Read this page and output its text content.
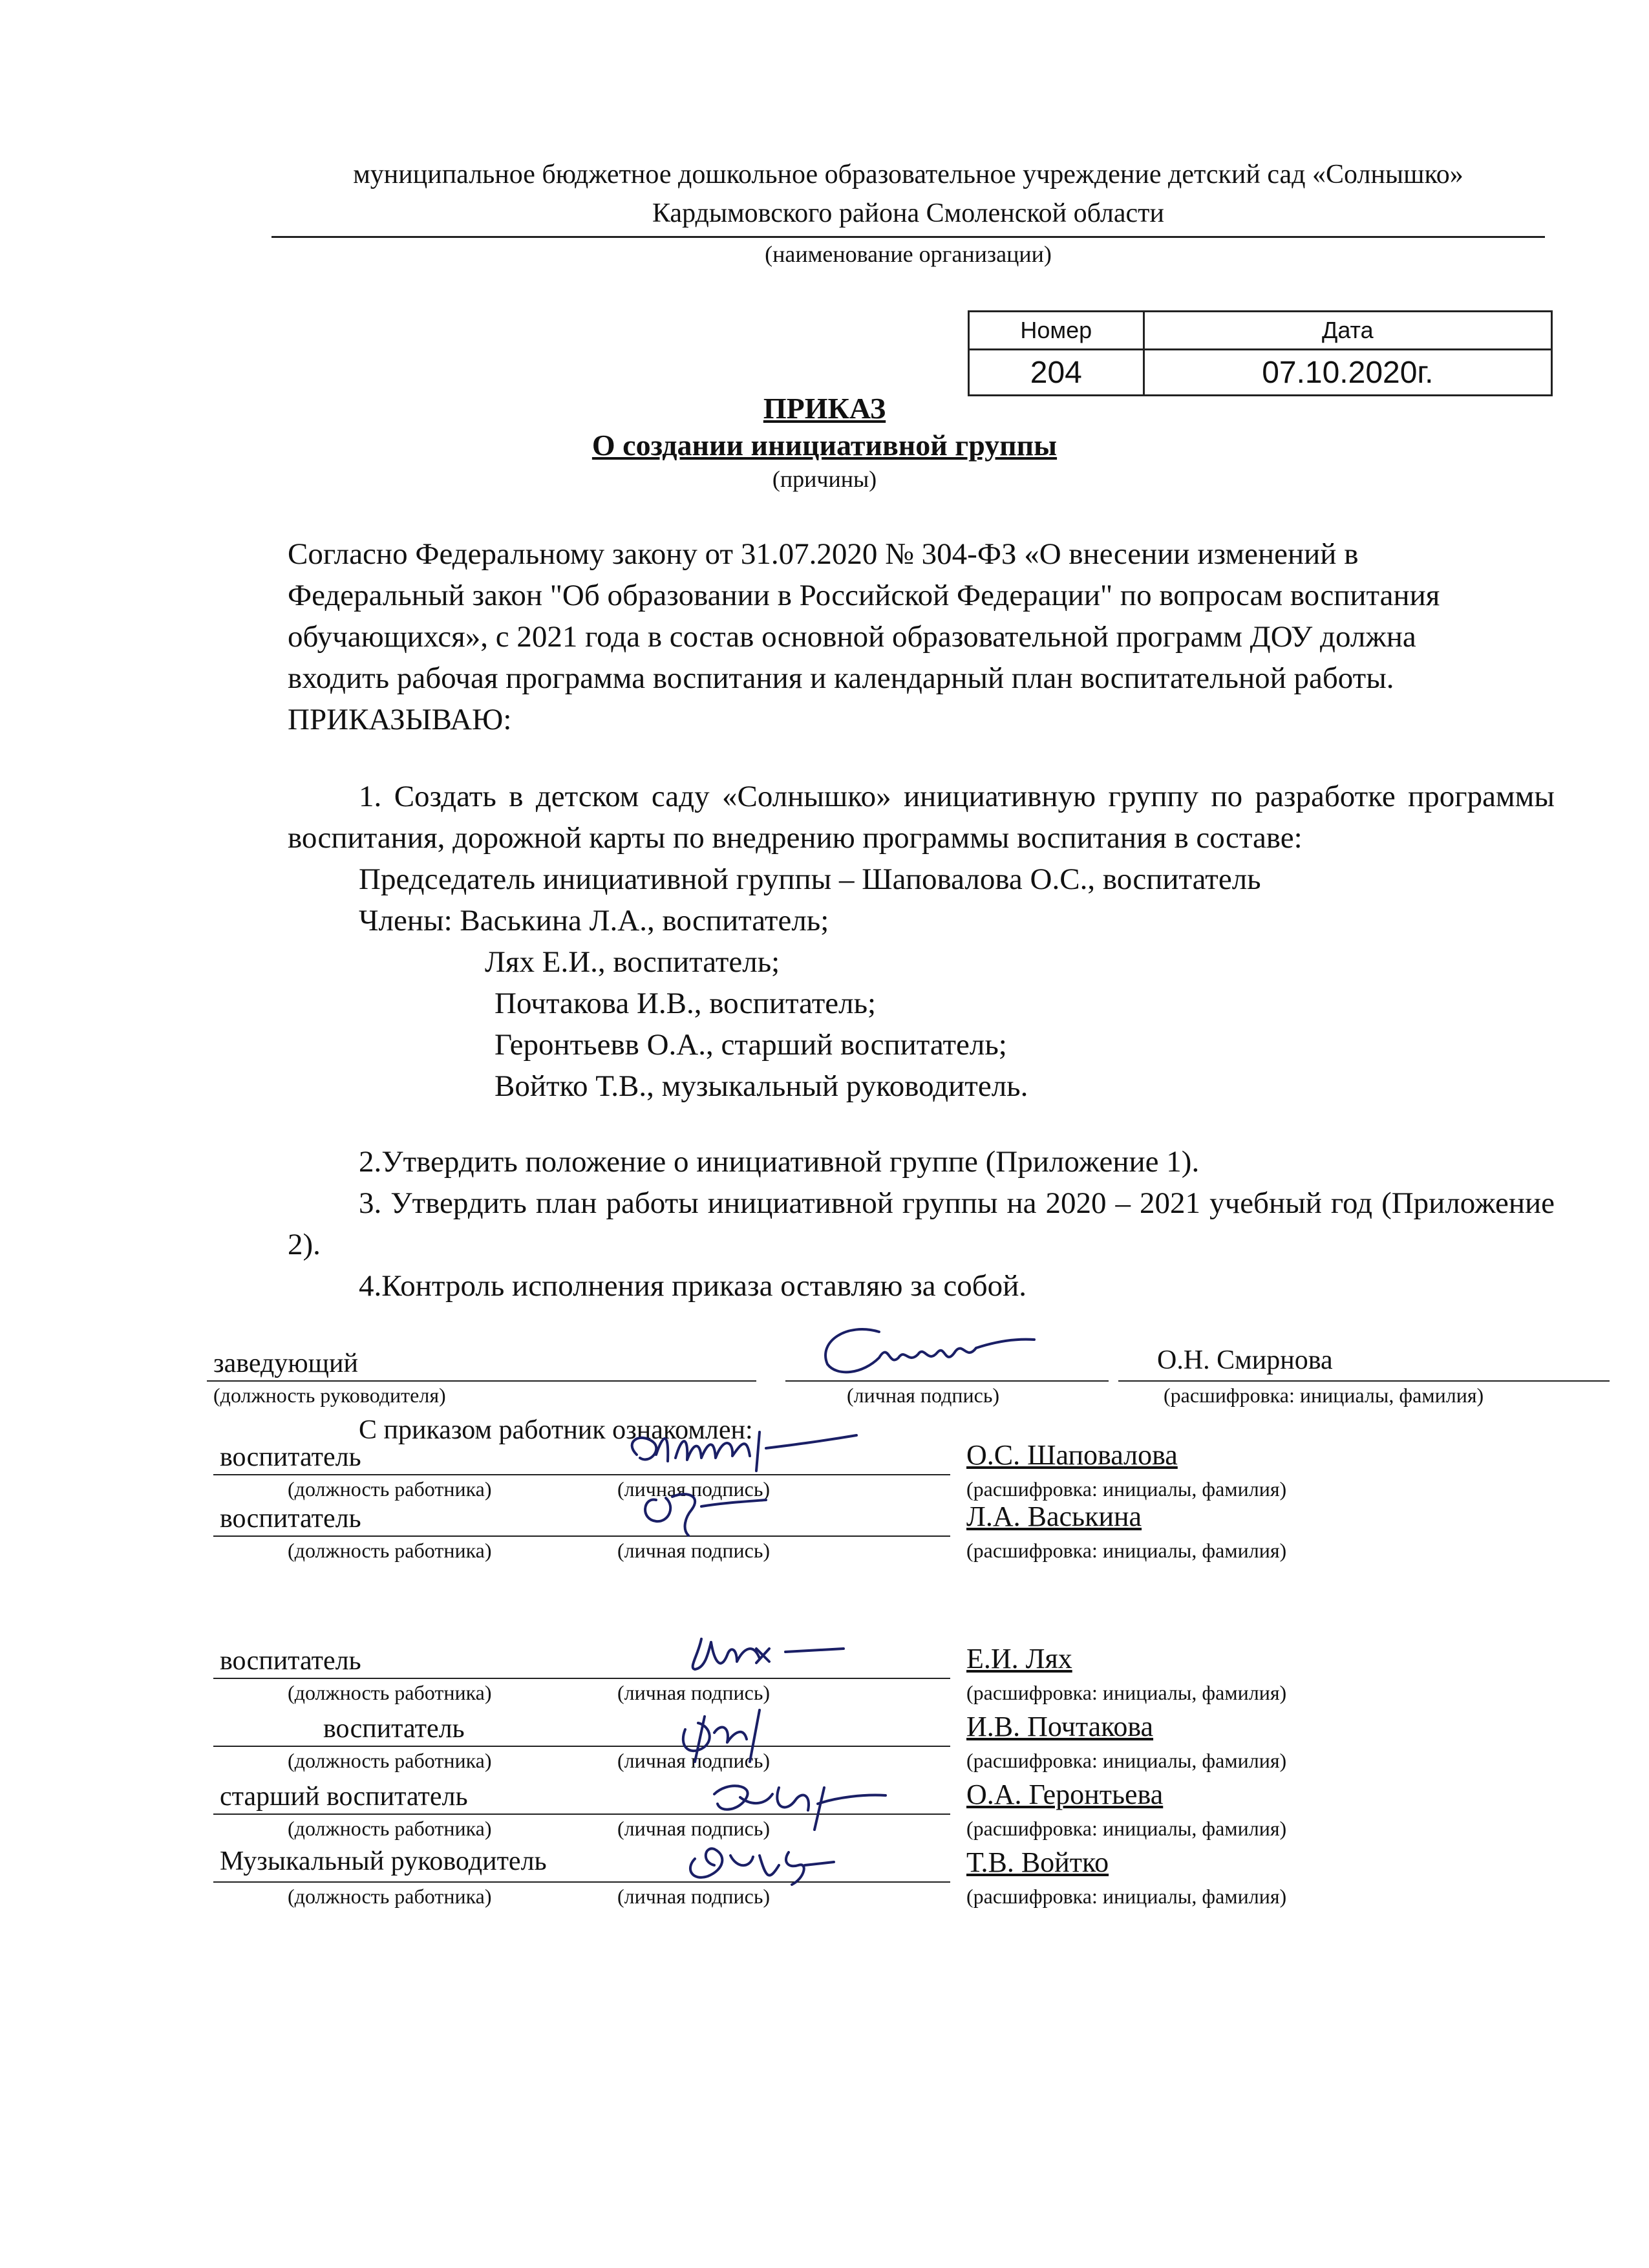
муниципальное бюджетное дошкольное образовательное учреждение детский сад «Солнышко»
Кардымовского района Смоленской области
(наименование организации)
Номер	Дата
204	07.10.2020г.
ПРИКАЗ
О создании инициативной группы
(причины)
Согласно Федеральному закону от 31.07.2020 № 304-ФЗ «О внесении изменений в
Федеральный закон "Об образовании в Российской Федерации" по вопросам воспитания
обучающихся», с 2021 года в состав основной образовательной программ ДОУ должна
входить рабочая программа воспитания и календарный план воспитательной работы.
ПРИКАЗЫВАЮ:
1. Создать в детском саду «Солнышко» инициативную группу по разработке программы воспитания, дорожной карты по внедрению программы воспитания в составе:
Председатель инициативной группы – Шаповалова О.С., воспитатель
Члены: Васькина Л.А., воспитатель;
Лях Е.И., воспитатель;
Почтакова И.В., воспитатель;
Геронтьевв О.А., старший воспитатель;
Войтко Т.В., музыкальный руководитель.
2.Утвердить положение о инициативной группе (Приложение 1).
3. Утвердить план работы инициативной группы на 2020 – 2021 учебный год (Приложение 2).
4.Контроль исполнения приказа оставляю за собой.
заведующий
(должность руководителя)	(личная подпись)
О.Н. Смирнова
(расшифровка: инициалы, фамилия)
С приказом работник ознакомлен:
воспитатель
(должность работника)	(личная подпись)
О.С. Шаповалова
(расшифровка: инициалы, фамилия)
воспитатель
(должность работника)	(личная подпись)
Л.А. Васькина
(расшифровка: инициалы, фамилия)
воспитатель
(должность работника)	(личная подпись)
Е.И. Лях
(расшифровка: инициалы, фамилия)
воспитатель
(должность работника)	(личная подпись)
И.В. Почтакова
(расшифровка: инициалы, фамилия)
старший воспитатель
(должность работника)	(личная подпись)
О.А. Геронтьева
(расшифровка: инициалы, фамилия)
Музыкальный руководитель
(должность работника)	(личная подпись)
Т.В. Войтко
(расшифровка: инициалы, фамилия)
